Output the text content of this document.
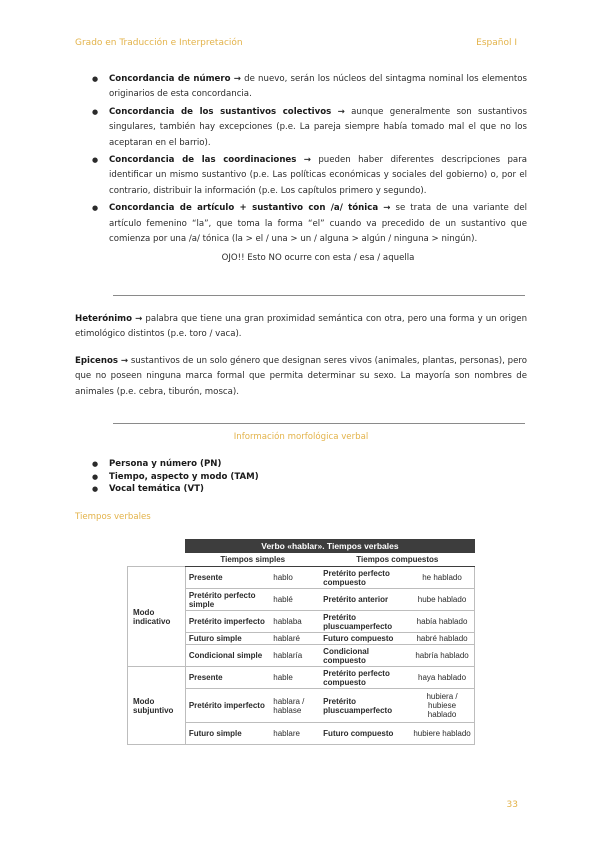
Grado en Traducción e Interpretación	Español I
● Concordancia de número → de nuevo, serán los núcleos del sintagma nominal los elementos originarios de esta concordancia.
● Concordancia de los sustantivos colectivos → aunque generalmente son sustantivos singulares, también hay excepciones (p.e. La pareja siempre había tomado mal el que no los aceptaran en el barrio).
● Concordancia de las coordinaciones → pueden haber diferentes descripciones para identificar un mismo sustantivo (p.e. Las políticas económicas y sociales del gobierno) o, por el contrario, distribuir la información (p.e. Los capítulos primero y segundo).
● Concordancia de artículo + sustantivo con /a/ tónica → se trata de una variante del artículo femenino “la”, que toma la forma “el” cuando va precedido de un sustantivo que comienza por una /a/ tónica (la > el / una > un / alguna > algún / ninguna > ningún).
OJO!! Esto NO ocurre con esta / esa / aquella
Heterónimo → palabra que tiene una gran proximidad semántica con otra, pero una forma y un origen etimológico distintos (p.e. toro / vaca).
Epicenos → sustantivos de un solo género que designan seres vivos (animales, plantas, personas), pero que no poseen ninguna marca formal que permita determinar su sexo. La mayoría son nombres de animales (p.e. cebra, tiburón, mosca).
Información morfológica verbal
● Persona y número (PN)
● Tiempo, aspecto y modo (TAM)
● Vocal temática (VT)
Tiempos verbales
	Verbo «hablar». Tiempos verbales			
	Tiempos simples		Tiempos compuestos	
Modo indicativo	Presente	hablo	Pretérito perfecto compuesto	he hablado
	Pretérito perfecto simple	hablé	Pretérito anterior	hube hablado
	Pretérito imperfecto	hablaba	Pretérito pluscuamperfecto	había hablado
	Futuro simple	hablaré	Futuro compuesto	habré hablado
	Condicional simple	hablaría	Condicional compuesto	habría hablado
Modo subjuntivo	Presente	hable	Pretérito perfecto compuesto	haya hablado
	Pretérito imperfecto	hablara / hablase	Pretérito pluscuamperfecto	hubiera / hubiese hablado
	Futuro simple	hablare	Futuro compuesto	hubiere hablado
33
